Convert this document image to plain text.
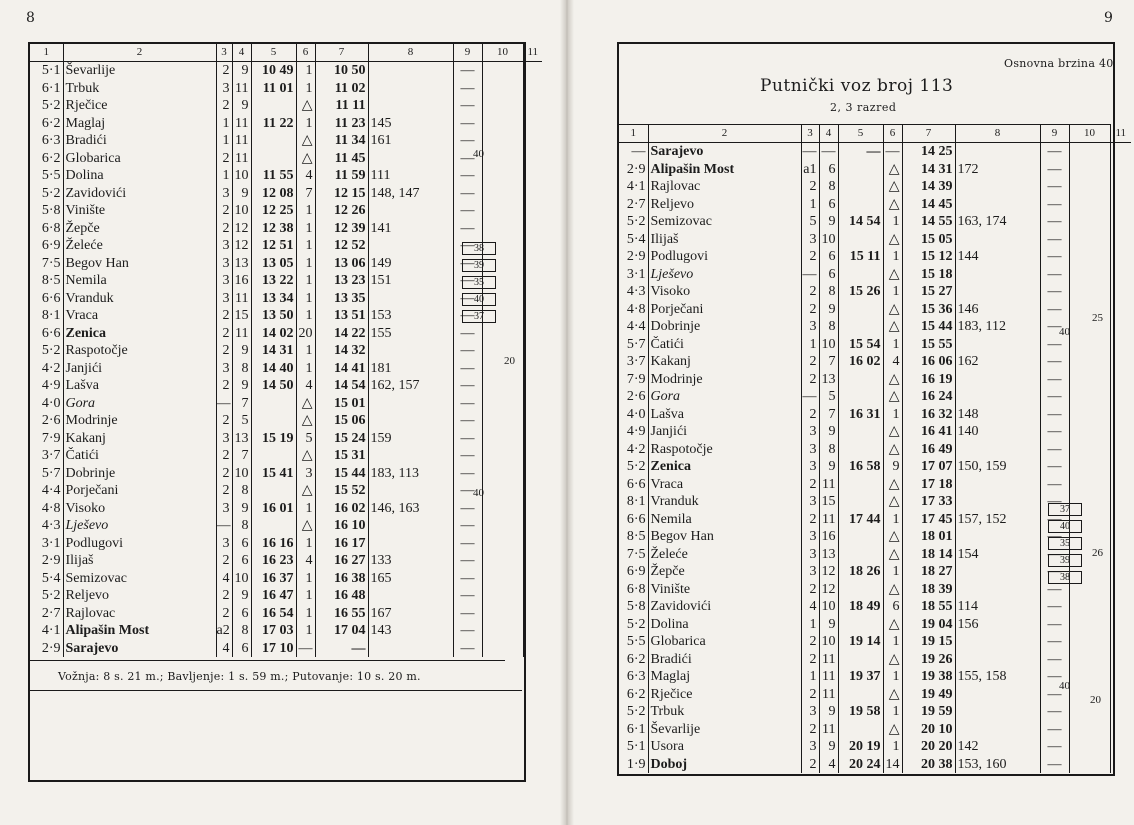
8	9
1	2	3	4	5	6	7	8	9	10	11
5·1	Ševarlije	2	9	10 49	1	10 50		—		
6·1	Trbuk	3	11	11 01	1	11 02		—		
5·2	Rječice	2	9		△	11 11		—		
6·2	Maglaj	1	11	11 22	1	11 23	145	—		
6·3	Bradići	1	11		△	11 34	161	—		
6·2	Globarica	2	11		△	11 45		—		
5·5	Dolina	1	10	11 55	4	11 59	111	—		
5·2	Zavidovići	3	9	12 08	7	12 15	148, 147	—		
5·8	Vinište	2	10	12 25	1	12 26		—		
6·8	Žepče	2	12	12 38	1	12 39	141	—		
6·9	Želeće	3	12	12 51	1	12 52		—		
7·5	Begov Han	3	13	13 05	1	13 06	149	—		
8·5	Nemila	3	16	13 22	1	13 23	151	—		
6·6	Vranduk	3	11	13 34	1	13 35		—		
8·1	Vraca	2	15	13 50	1	13 51	153	—		
6·6	Zenica	2	11	14 02	20	14 22	155	—		
5·2	Raspotočje	2	9	14 31	1	14 32		—		
4·2	Janjići	3	8	14 40	1	14 41	181	—		
4·9	Lašva	2	9	14 50	4	14 54	162, 157	—		
4·0	Gora	—	7		△	15 01		—		
2·6	Modrinje	2	5		△	15 06		—		
7·9	Kakanj	3	13	15 19	5	15 24	159	—		
3·7	Čatići	2	7		△	15 31		—		
5·7	Dobrinje	2	10	15 41	3	15 44	183, 113	—		
4·4	Porječani	2	8		△	15 52		—		
4·8	Visoko	3	9	16 01	1	16 02	146, 163	—		
4·3	Lješevo	—	8		△	16 10		—		
3·1	Podlugovi	3	6	16 16	1	16 17		—		
2·9	Ilijaš	2	6	16 23	4	16 27	133	—		
5·4	Semizovac	4	10	16 37	1	16 38	165	—		
5·2	Reljevo	2	9	16 47	1	16 48		—		
2·7	Rajlovac	2	6	16 54	1	16 55	167	—		
4·1	Alipašin Most	a2	8	17 03	1	17 04	143	—		
2·9	Sarajevo	4	6	17 10	—	—		—		
Vožnja: 8 s. 21 m.; Bavljenje: 1 s. 59 m.; Putovanje: 10 s. 20 m.
40
40
20
38
39
35
40
37
Osnovna brzina 40
Putnički voz broj 113
2, 3 razred
1	2	3	4	5	6	7	8	9	10	11
—	Sarajevo	—	—	—	—	14 25		—		
2·9	Alipašin Most	a1	6		△	14 31	172	—		
4·1	Rajlovac	2	8		△	14 39		—		
2·7	Reljevo	1	6		△	14 45		—		
5·2	Semizovac	5	9	14 54	1	14 55	163, 174	—		
5·4	Ilijaš	3	10		△	15 05		—		
2·9	Podlugovi	2	6	15 11	1	15 12	144	—		
3·1	Lješevo	—	6		△	15 18		—		
4·3	Visoko	2	8	15 26	1	15 27		—		
4·8	Porječani	2	9		△	15 36	146	—		
4·4	Dobrinje	3	8		△	15 44	183, 112	—		
5·7	Čatići	1	10	15 54	1	15 55		—		
3·7	Kakanj	2	7	16 02	4	16 06	162	—		
7·9	Modrinje	2	13		△	16 19		—		
2·6	Gora	—	5		△	16 24		—		
4·0	Lašva	2	7	16 31	1	16 32	148	—		
4·9	Janjići	3	9		△	16 41	140	—		
4·2	Raspotočje	3	8		△	16 49		—		
5·2	Zenica	3	9	16 58	9	17 07	150, 159	—		
6·6	Vraca	2	11		△	17 18		—		
8·1	Vranduk	3	15		△	17 33		—		
6·6	Nemila	2	11	17 44	1	17 45	157, 152	—		
8·5	Begov Han	3	16		△	18 01		—		
7·5	Želeće	3	13		△	18 14	154	—		
6·9	Žepče	3	12	18 26	1	18 27		—		
6·8	Vinište	2	12		△	18 39		—		
5·8	Zavidovići	4	10	18 49	6	18 55	114	—		
5·2	Dolina	1	9		△	19 04	156	—		
5·5	Globarica	2	10	19 14	1	19 15		—		
6·2	Bradići	2	11		△	19 26		—		
6·3	Maglaj	1	11	19 37	1	19 38	155, 158	—		
6·2	Rječice	2	11		△	19 49		—		
5·2	Trbuk	3	9	19 58	1	19 59		—		
6·1	Ševarlije	2	11		△	20 10		—		
5·1	Usora	3	9	20 19	1	20 20	142	—		
1·9	Doboj	2	4	20 24	14	20 38	153, 160	—		
40
40
25
26
20
37
40
35
39
38
